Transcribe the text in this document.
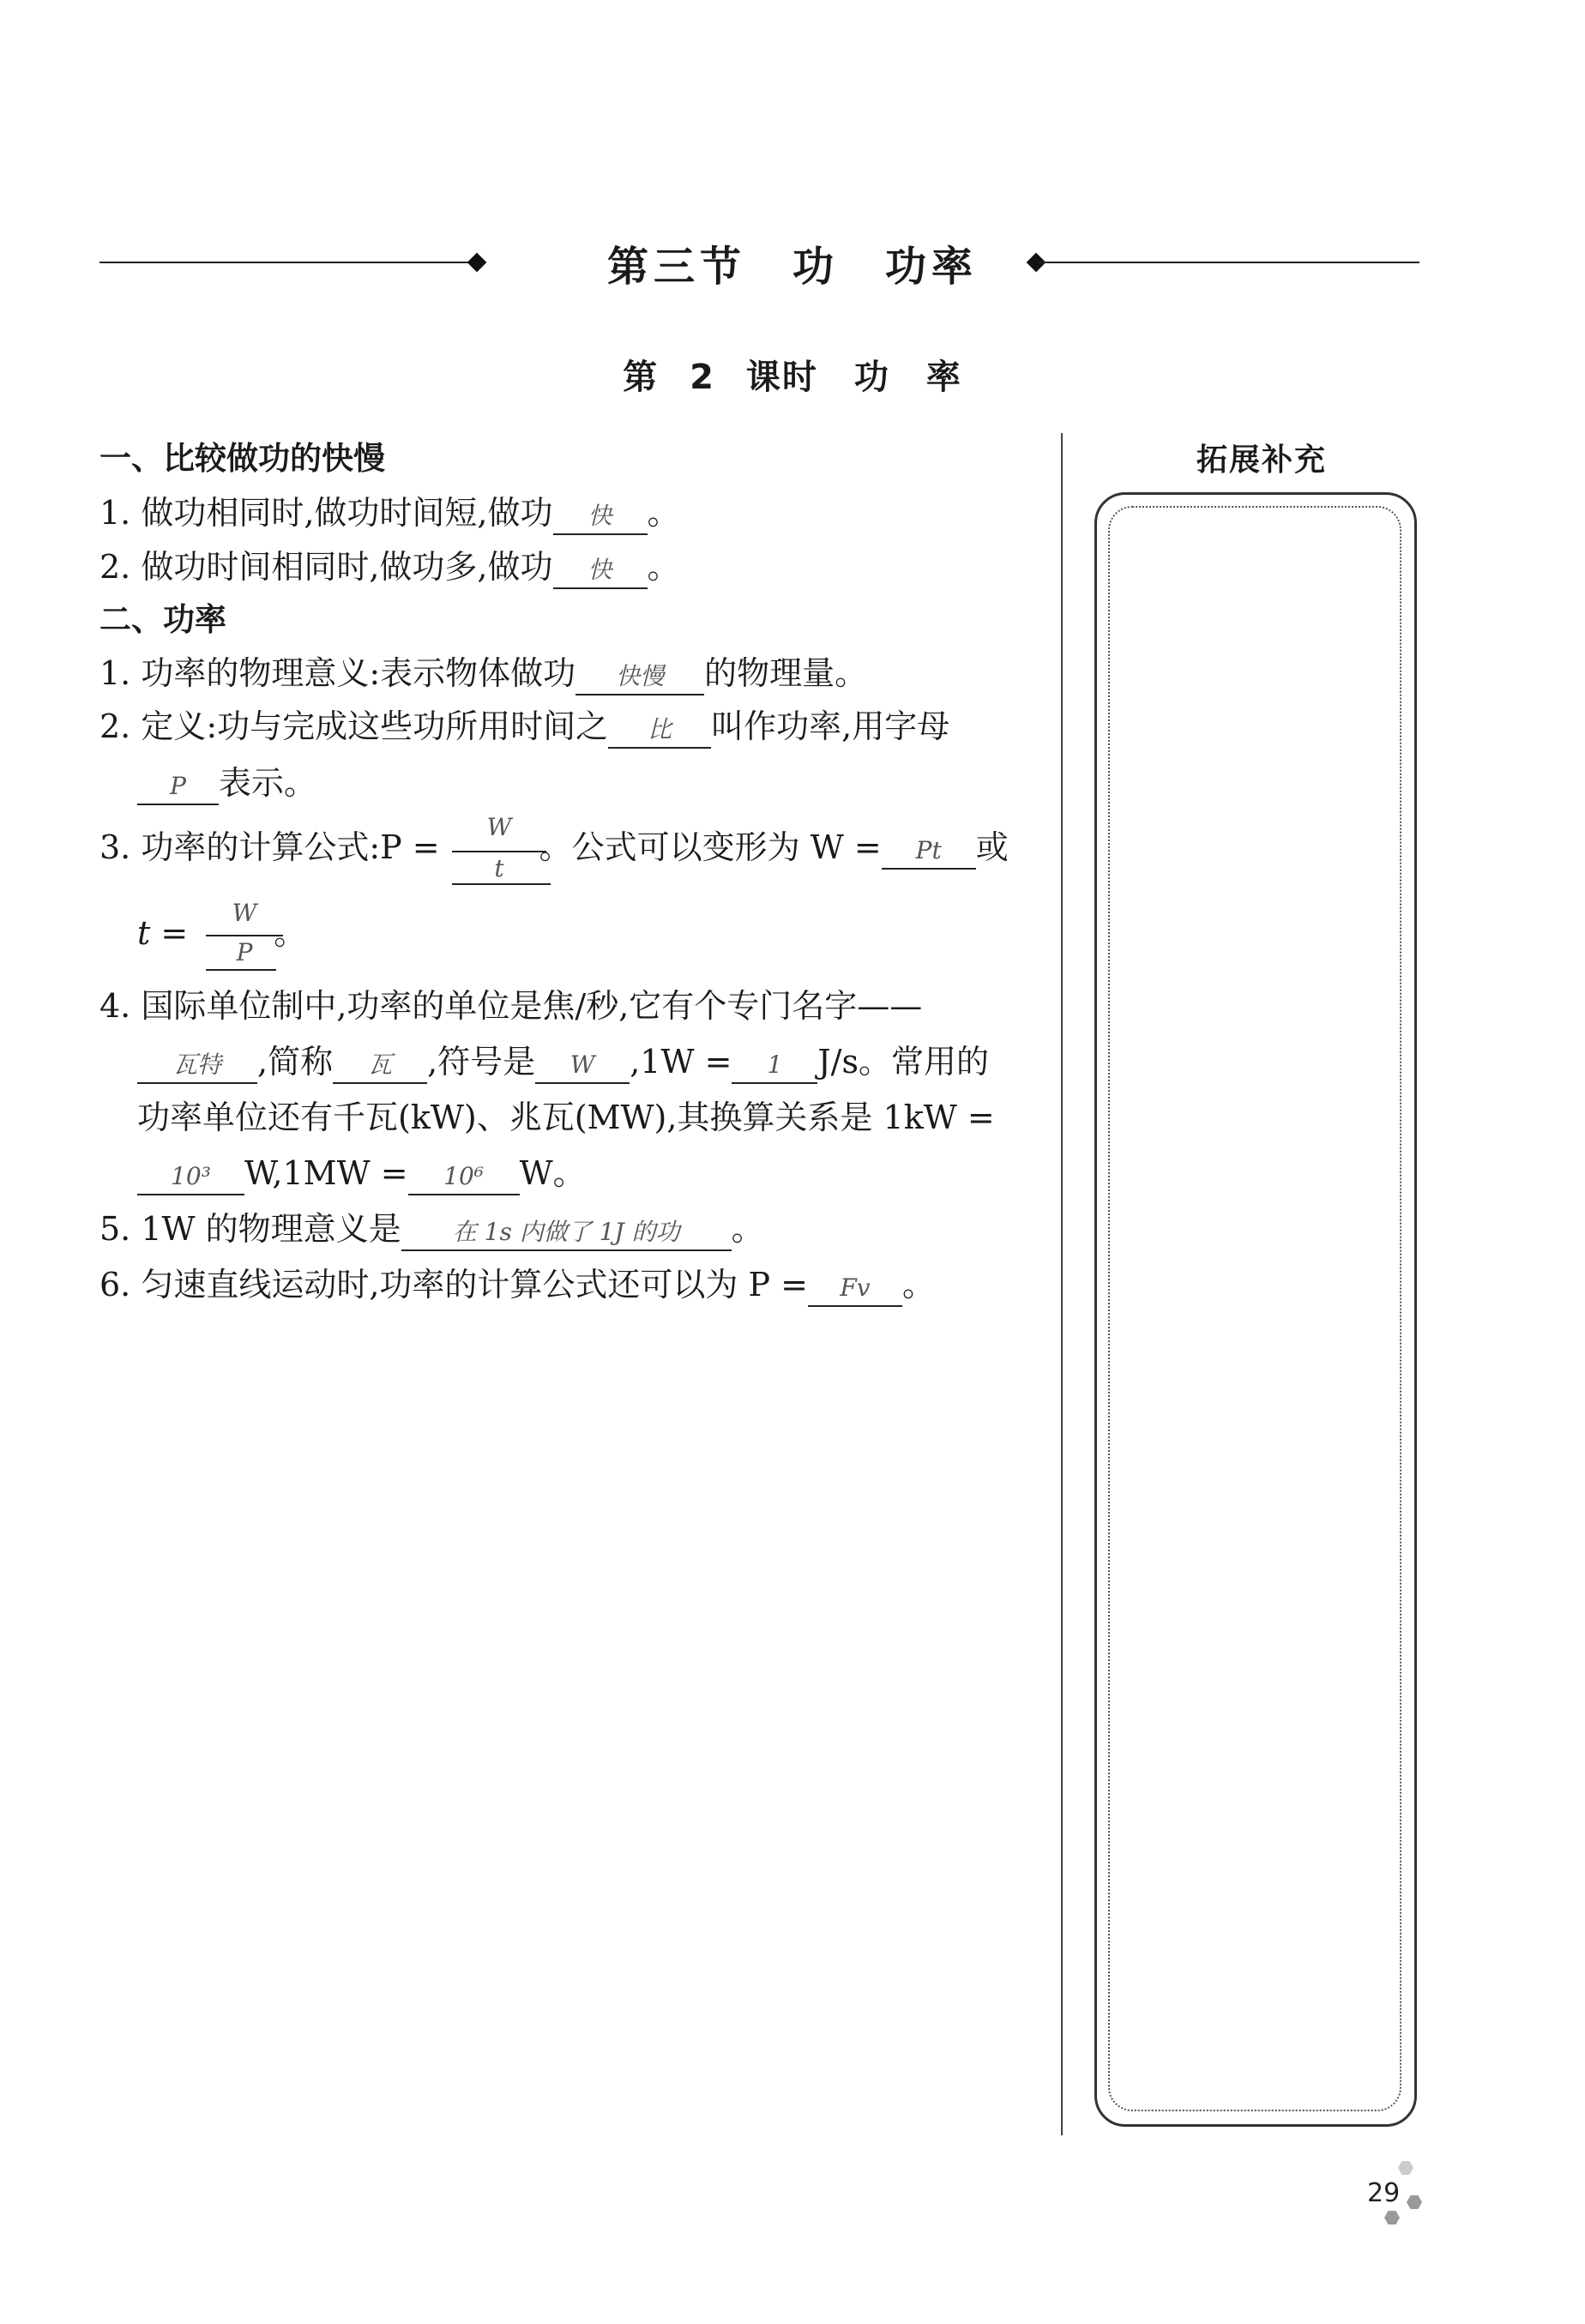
第三节　功　功率
第 2 课时　功　率
一、比较做功的快慢
1. 做功相同时,做功时间短,做功 快 。
2. 做功时间相同时,做功多,做功 快 。
二、功率
1. 功率的物理意义:表示物体做功 快慢 的物理量。
2. 定义:功与完成这些功所用时间之 比 叫作功率,用字母
P 表示。
3. 功率的计算公式:P =	。公式可以变形为 W = Pt 或
W
t
t =	。
W
P
4. 国际单位制中,功率的单位是焦/秒,它有个专门名字——
瓦特 ,简称 瓦 ,符号是 W ,1W = 1 J/s。常用的
功率单位还有千瓦(kW)、兆瓦(MW),其换算关系是 1kW =
10³ W,1MW = 10⁶ W。
5. 1W 的物理意义是 在 1s 内做了 1J 的功 。
6. 匀速直线运动时,功率的计算公式还可以为 P = Fv 。
拓展补充
29
